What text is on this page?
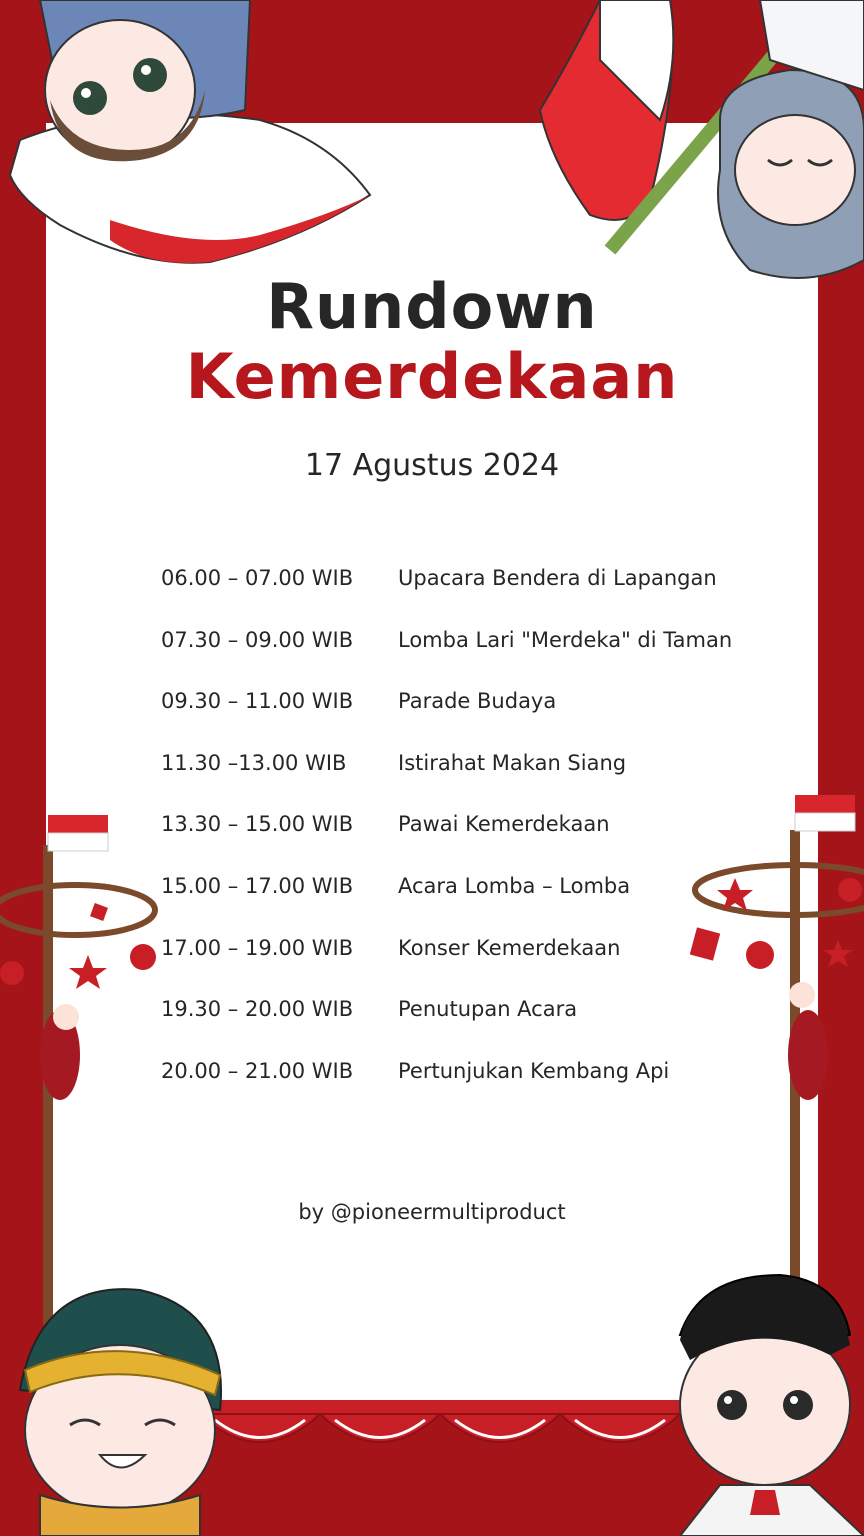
Rundown
Kemerdekaan
17 Agustus 2024
06.00 – 07.00 WIB Upacara Bendera di Lapangan
07.30 – 09.00 WIB Lomba Lari "Merdeka" di Taman
09.30 – 11.00 WIB Parade Budaya
11.30 –13.00 WIB Istirahat Makan Siang
13.30 – 15.00 WIB Pawai Kemerdekaan
15.00 – 17.00 WIB Acara Lomba – Lomba
17.00 – 19.00 WIB Konser Kemerdekaan
19.30 – 20.00 WIB Penutupan Acara
20.00 – 21.00 WIB Pertunjukan Kembang Api
by @pioneermultiproduct
